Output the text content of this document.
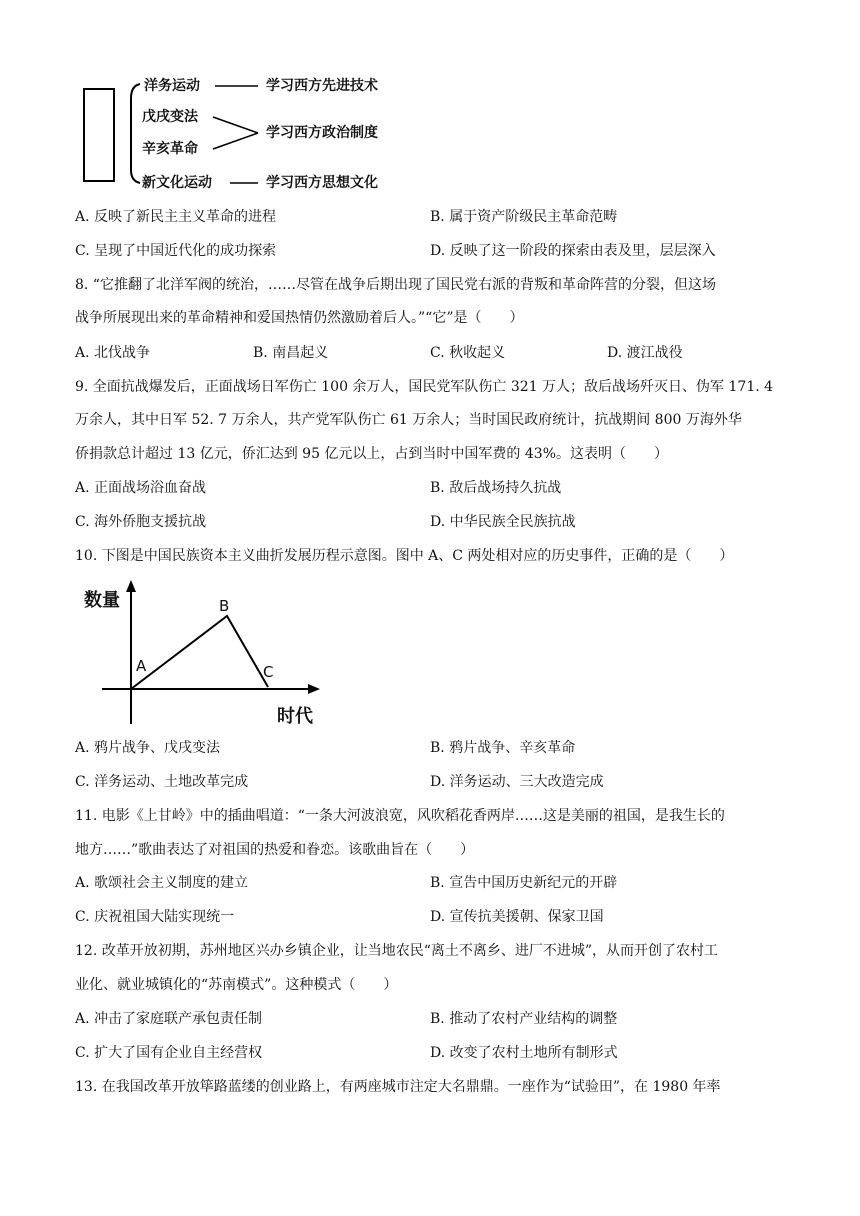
洋务运动
戊戌变法
辛亥革命
新文化运动
学习西方先进技术
学习西方政治制度
学习西方思想文化
A. 反映了新民主主义革命的进程	B. 属于资产阶级民主革命范畴
C. 呈现了中国近代化的成功探索	D. 反映了这一阶段的探索由表及里，层层深入
8. “它推翻了北洋军阀的统治，……尽管在战争后期出现了国民党右派的背叛和革命阵营的分裂，但这场
战争所展现出来的革命精神和爱国热情仍然激励着后人。”“它”是（　　）
A. 北伐战争	B. 南昌起义	C. 秋收起义	D. 渡江战役
9. 全面抗战爆发后，正面战场日军伤亡 100 余万人，国民党军队伤亡 321 万人；敌后战场歼灭日、伪军 171. 4
万余人，其中日军 52. 7 万余人，共产党军队伤亡 61 万余人；当时国民政府统计，抗战期间 800 万海外华
侨捐款总计超过 13 亿元，侨汇达到 95 亿元以上，占到当时中国军费的 43%。这表明（　　）
A. 正面战场浴血奋战	B. 敌后战场持久抗战
C. 海外侨胞支援抗战	D. 中华民族全民族抗战
10. 下图是中国民族资本主义曲折发展历程示意图。图中 A、C 两处相对应的历史事件，正确的是（　　）
数量
时代
A
B
C
A. 鸦片战争、戊戌变法	B. 鸦片战争、辛亥革命
C. 洋务运动、土地改革完成	D. 洋务运动、三大改造完成
11. 电影《上甘岭》中的插曲唱道：“一条大河波浪宽，风吹稻花香两岸……这是美丽的祖国，是我生长的
地方……”歌曲表达了对祖国的热爱和眷恋。该歌曲旨在（　　）
A. 歌颂社会主义制度的建立	B. 宣告中国历史新纪元的开辟
C. 庆祝祖国大陆实现统一	D. 宣传抗美援朝、保家卫国
12. 改革开放初期，苏州地区兴办乡镇企业，让当地农民“离土不离乡、进厂不进城”，从而开创了农村工
业化、就业城镇化的“苏南模式”。这种模式（　　）
A. 冲击了家庭联产承包责任制	B. 推动了农村产业结构的调整
C. 扩大了国有企业自主经营权	D. 改变了农村土地所有制形式
13. 在我国改革开放筚路蓝缕的创业路上，有两座城市注定大名鼎鼎。一座作为“试验田”，在 1980 年率
